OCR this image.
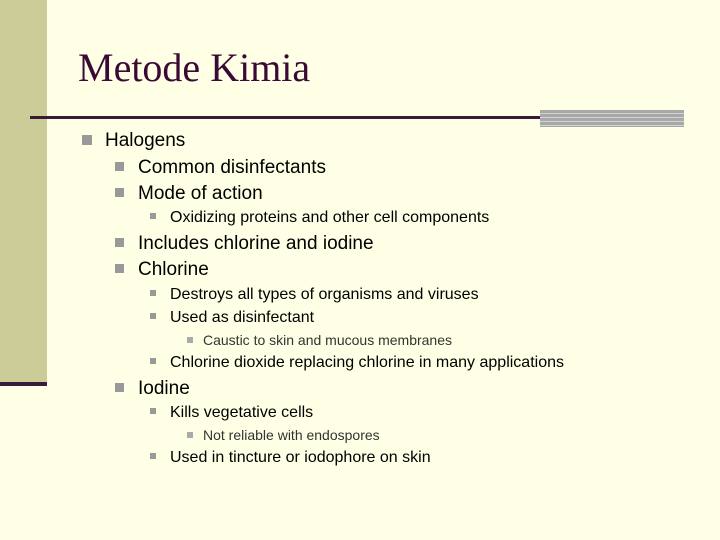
Metode Kimia
Halogens
Common disinfectants
Mode of action
Oxidizing proteins and other cell components
Includes chlorine and iodine
Chlorine
Destroys all types of organisms and viruses
Used as disinfectant
Caustic to skin and mucous membranes
Chlorine dioxide replacing chlorine in many applications
Iodine
Kills vegetative cells
Not reliable with endospores
Used in tincture or iodophore on skin
